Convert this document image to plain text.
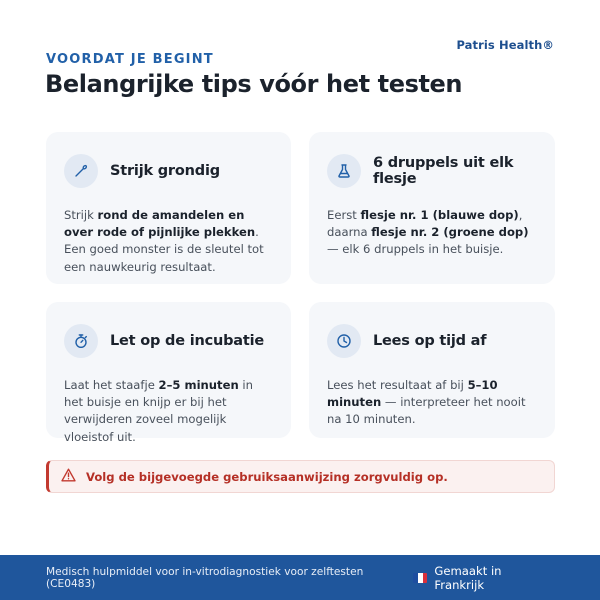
Patris Health®
VOORDAT JE BEGINT
Belangrijke tips vóór het testen
Strijk grondig

Strijk rond de amandelen en over rode of pijnlijke plekken. Een goed monster is de sleutel tot een nauwkeurig resultaat.

6 druppels uit elk flesje

Eerst flesje nr. 1 (blauwe dop), daarna flesje nr. 2 (groene dop) — elk 6 druppels in het buisje.

Let op de incubatie

Laat het staafje 2–5 minuten in het buisje en knijp er bij het verwijderen zoveel mogelijk vloeistof uit.

Lees op tijd af

Lees het resultaat af bij 5–10 minuten — interpreteer het nooit na 10 minuten.

Volg de bijgevoegde gebruiksaanwijzing zorgvuldig op.
Medisch hulpmiddel voor in-vitrodiagnostiek voor zelftesten (CE0483)
Gemaakt in Frankrijk
